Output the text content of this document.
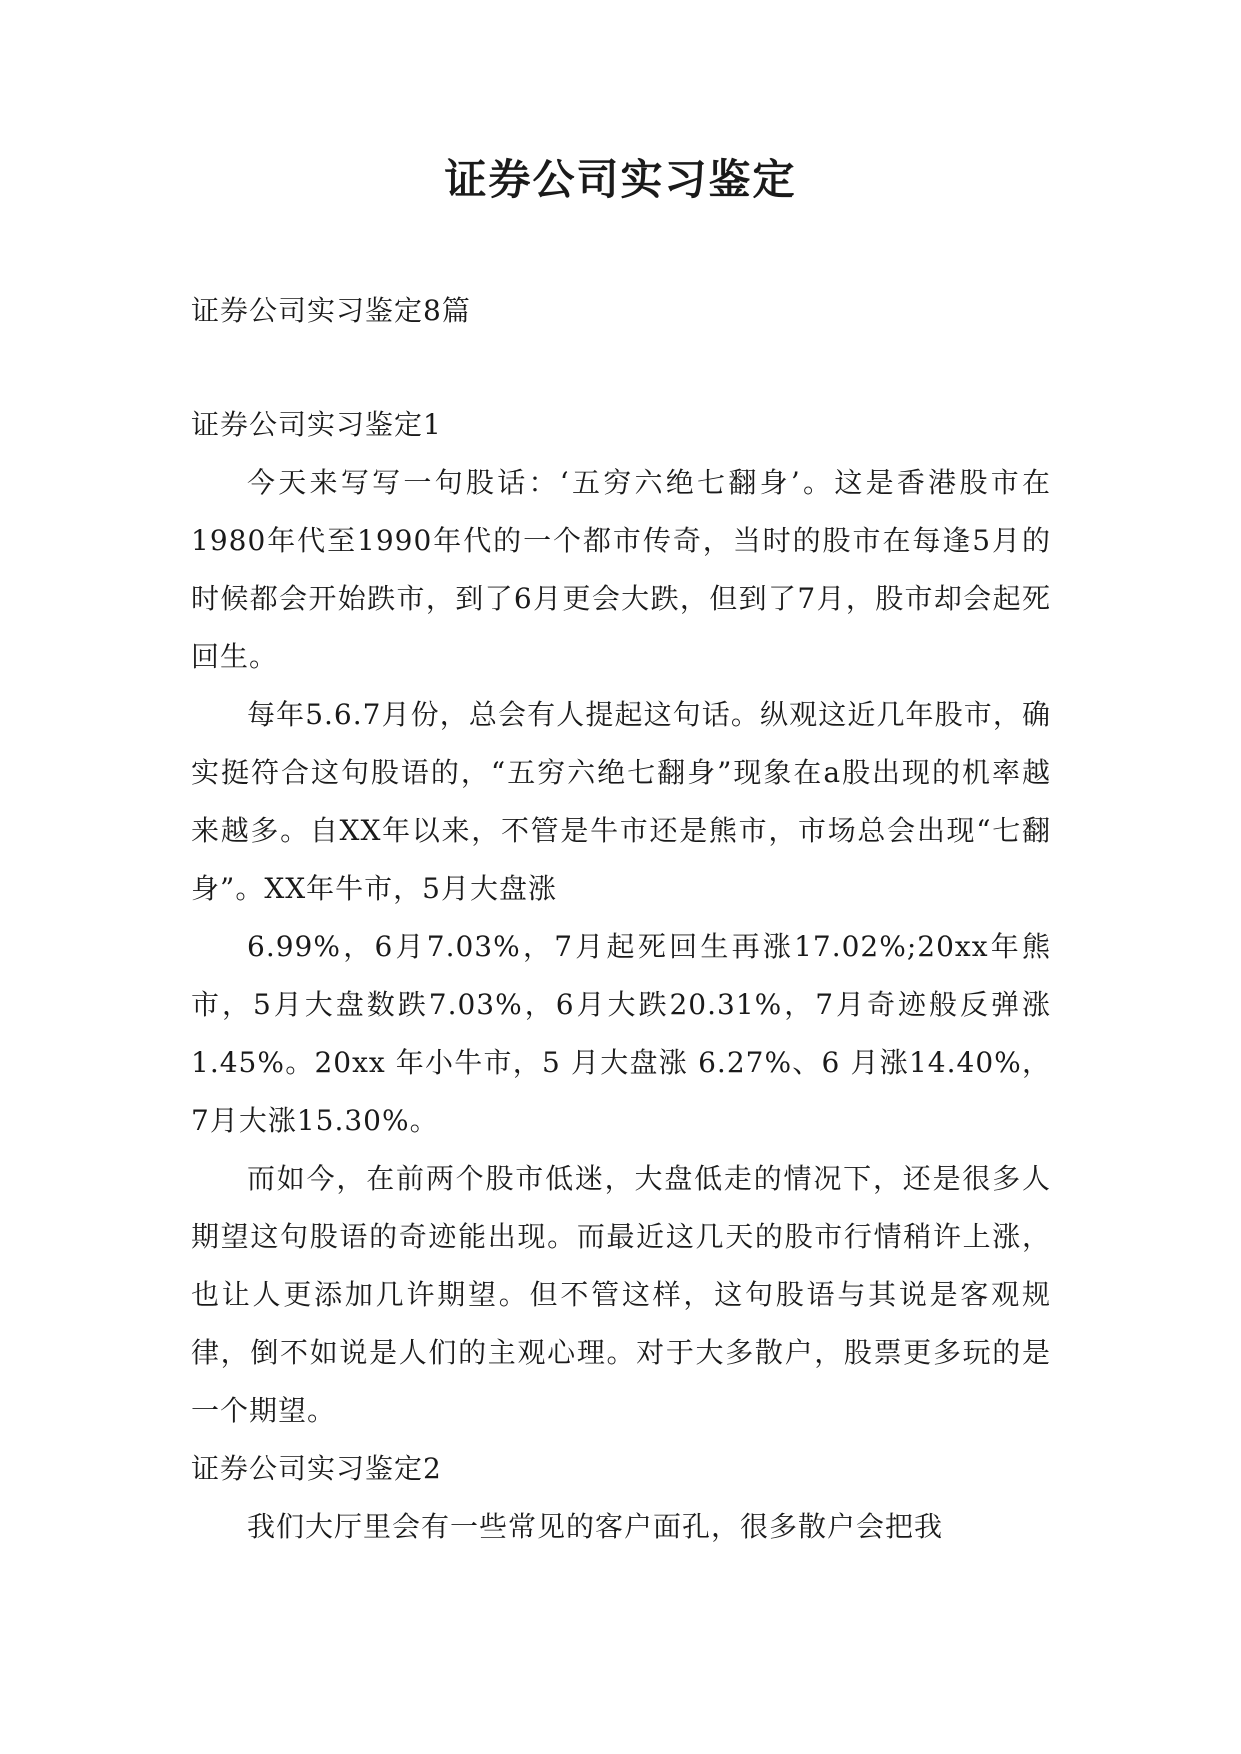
证券公司实习鉴定

证券公司实习鉴定8篇

证券公司实习鉴定1

今天来写写一句股话：‘五穷六绝七翻身’。这是香港股市在1980年代至1990年代的一个都市传奇，当时的股市在每逢5月的时候都会开始跌市，到了6月更会大跌，但到了7月，股市却会起死回生。

每年5.6.7月份，总会有人提起这句话。纵观这近几年股市，确实挺符合这句股语的，“五穷六绝七翻身”现象在a股出现的机率越来越多。自XX年以来，不管是牛市还是熊市，市场总会出现“七翻身”。XX年牛市，5月大盘涨

6.99%，6月7.03%，7月起死回生再涨17.02%;20xx年熊市，5月大盘数跌7.03%，6月大跌20.31%，7月奇迹般反弹涨 1.45%。20xx 年小牛市，5 月大盘涨 6.27%、6 月涨14.40%，7月大涨15.30%。

而如今，在前两个股市低迷，大盘低走的情况下，还是很多人期望这句股语的奇迹能出现。而最近这几天的股市行情稍许上涨，也让人更添加几许期望。但不管这样，这句股语与其说是客观规律，倒不如说是人们的主观心理。对于大多散户，股票更多玩的是一个期望。

证券公司实习鉴定2

我们大厅里会有一些常见的客户面孔，很多散户会把我
